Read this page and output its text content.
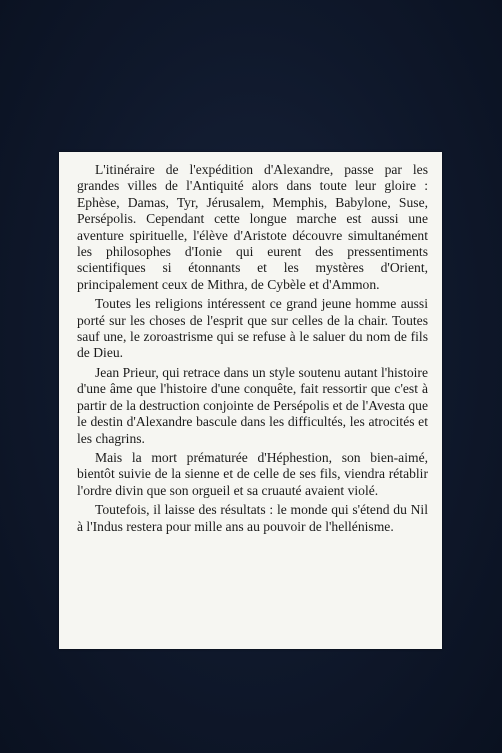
L'itinéraire de l'expédition d'Alexandre, passe par les grandes villes de l'Antiquité alors dans toute leur gloire : Ephèse, Damas, Tyr, Jérusalem, Memphis, Babylone, Suse, Persépolis. Cependant cette longue marche est aussi une aventure spirituelle, l'élève d'Aristote découvre simultanément les philosophes d'Ionie qui eurent des pressentiments scientifiques si étonnants et les mystères d'Orient, principalement ceux de Mithra, de Cybèle et d'Ammon.

Toutes les religions intéressent ce grand jeune homme aussi porté sur les choses de l'esprit que sur celles de la chair. Toutes sauf une, le zoroastrisme qui se refuse à le saluer du nom de fils de Dieu.

Jean Prieur, qui retrace dans un style soutenu autant l'histoire d'une âme que l'histoire d'une conquête, fait ressortir que c'est à partir de la destruction conjointe de Persépolis et de l'Avesta que le destin d'Alexandre bascule dans les difficultés, les atrocités et les chagrins.

Mais la mort prématurée d'Héphestion, son bien-aimé, bientôt suivie de la sienne et de celle de ses fils, viendra rétablir l'ordre divin que son orgueil et sa cruauté avaient violé.

Toutefois, il laisse des résultats : le monde qui s'étend du Nil à l'Indus restera pour mille ans au pouvoir de l'hellénisme.
